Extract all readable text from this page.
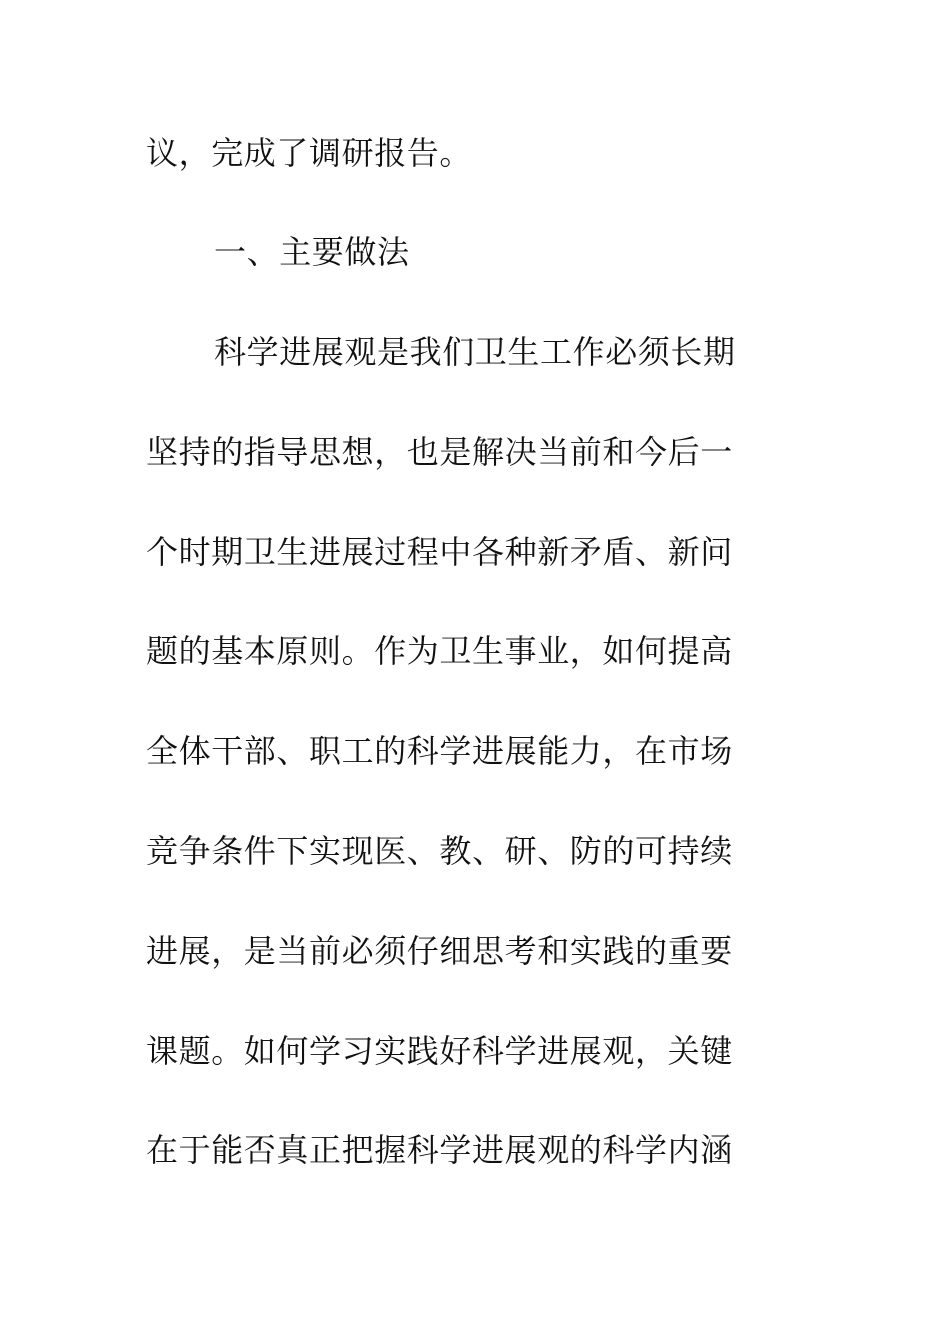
议，完成了调研报告。
一、主要做法
科学进展观是我们卫生工作必须长期
坚持的指导思想，也是解决当前和今后一
个时期卫生进展过程中各种新矛盾、新问
题的基本原则。作为卫生事业，如何提高
全体干部、职工的科学进展能力，在市场
竞争条件下实现医、教、研、防的可持续
进展，是当前必须仔细思考和实践的重要
课题。如何学习实践好科学进展观，关键
在于能否真正把握科学进展观的科学内涵
